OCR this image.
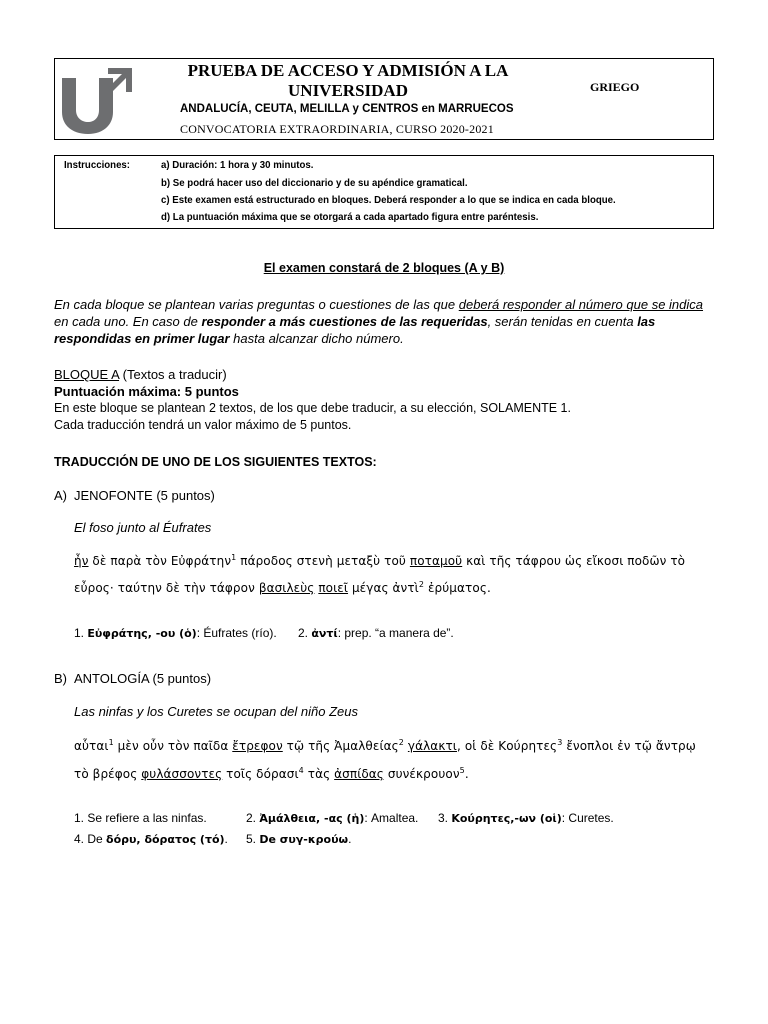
PRUEBA DE ACCESO Y ADMISIÓN A LA UNIVERSIDAD
ANDALUCÍA, CEUTA, MELILLA y CENTROS en MARRUECOS
CONVOCATORIA EXTRAORDINARIA, CURSO 2020-2021
GRIEGO
Instrucciones:	a) Duración: 1 hora y 30 minutos.
b) Se podrá hacer uso del diccionario y de su apéndice gramatical.
c) Este examen está estructurado en bloques. Deberá responder a lo que se indica en cada bloque.
d) La puntuación máxima que se otorgará a cada apartado figura entre paréntesis.
El examen constará de 2 bloques (A y B)
En cada bloque se plantean varias preguntas o cuestiones de las que deberá responder al número que se indica en cada uno. En caso de responder a más cuestiones de las requeridas, serán tenidas en cuenta las respondidas en primer lugar hasta alcanzar dicho número.
BLOQUE A (Textos a traducir)
Puntuación máxima: 5 puntos
En este bloque se plantean 2 textos, de los que debe traducir, a su elección, SOLAMENTE 1.
Cada traducción tendrá un valor máximo de 5 puntos.
TRADUCCIÓN DE UNO DE LOS SIGUIENTES TEXTOS:
A) JENOFONTE (5 puntos)
El foso junto al Éufrates
ἦν δὲ παρὰ τὸν Εὐφράτην$^1$ πάροδος στενὴ μεταξὺ τοῦ ποταμοῦ καὶ τῆς τάφρου ὡς εἴκοσι ποδῶν τὸ
εὖρος· ταύτην δὲ τὴν τάφρον βασιλεὺς ποιεῖ μέγας ἀντὶ$^2$ ἐρύματος.
1. Εὐφράτης, -ου (ὁ): Éufrates (río). 2. ἀντί: prep. “a manera de”.
B) ANTOLOGÍA (5 puntos)
Las ninfas y los Curetes se ocupan del niño Zeus
αὗται$^1$ μὲν οὖν τὸν παῖδα ἔτρεφον τῷ τῆς Ἀμαλθείας$^2$ γάλακτι, οἱ δὲ Κούρητες$^3$ ἔνοπλοι ἐν τῷ ἄντρῳ
τὸ βρέφος φυλάσσοντες τοῖς δόρασι$^4$ τὰς ἀσπίδας συνέκρουον$^5$.
1. Se refiere a las ninfas.	2. Ἀμάλθεια, -ας (ἡ): Amaltea. 3. Κούρητες,-ων (οἱ): Curetes.
4. De δόρυ, δόρατος (τό). 5. De συγ-κρούω.
